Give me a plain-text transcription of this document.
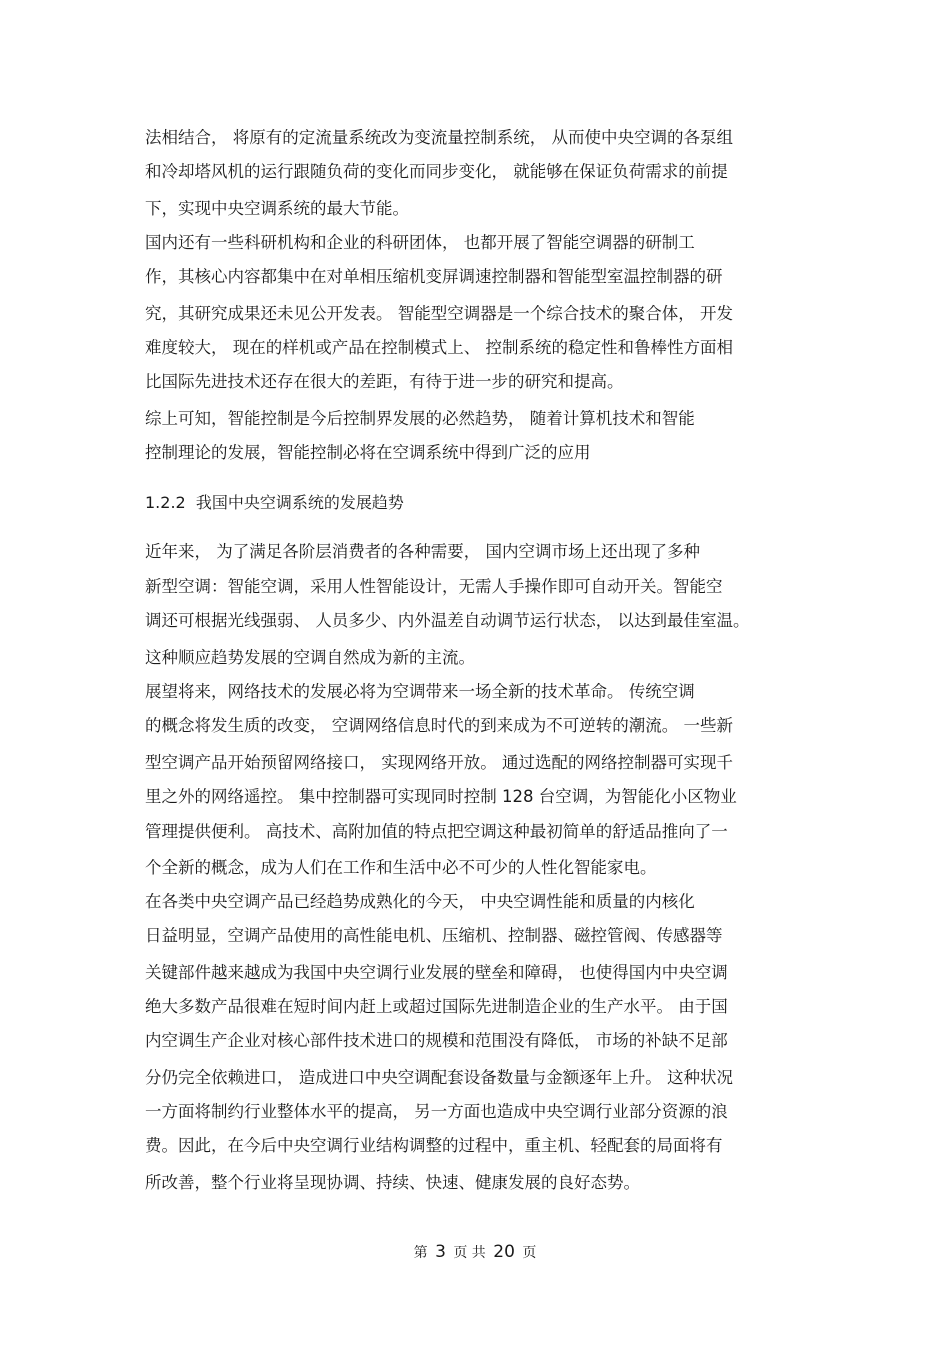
法相结合， 将原有的定流量系统改为变流量控制系统， 从而使中央空调的各泵组
和冷却塔风机的运行跟随负荷的变化而同步变化， 就能够在保证负荷需求的前提
下，实现中央空调系统的最大节能。
国内还有一些科研机构和企业的科研团体， 也都开展了智能空调器的研制工
作，其核心内容都集中在对单相压缩机变屏调速控制器和智能型室温控制器的研
究，其研究成果还未见公开发表。 智能型空调器是一个综合技术的聚合体， 开发
难度较大， 现在的样机或产品在控制模式上、 控制系统的稳定性和鲁棒性方面相
比国际先进技术还存在很大的差距，有待于进一步的研究和提高。
综上可知，智能控制是今后控制界发展的必然趋势， 随着计算机技术和智能
控制理论的发展，智能控制必将在空调系统中得到广泛的应用
1.2.2 我国中央空调系统的发展趋势
近年来， 为了满足各阶层消费者的各种需要， 国内空调市场上还出现了多种
新型空调：智能空调，采用人性智能设计，无需人手操作即可自动开关。智能空
调还可根据光线强弱、 人员多少、内外温差自动调节运行状态， 以达到最佳室温。
这种顺应趋势发展的空调自然成为新的主流。
展望将来，网络技术的发展必将为空调带来一场全新的技术革命。 传统空调
的概念将发生质的改变， 空调网络信息时代的到来成为不可逆转的潮流。 一些新
型空调产品开始预留网络接口， 实现网络开放。 通过选配的网络控制器可实现千
里之外的网络遥控。 集中控制器可实现同时控制 128 台空调，为智能化小区物业
管理提供便利。 高技术、高附加值的特点把空调这种最初简单的舒适品推向了一
个全新的概念，成为人们在工作和生活中必不可少的人性化智能家电。
在各类中央空调产品已经趋势成熟化的今天， 中央空调性能和质量的内核化
日益明显，空调产品使用的高性能电机、压缩机、控制器、磁控管阀、传感器等
关键部件越来越成为我国中央空调行业发展的壁垒和障碍， 也使得国内中央空调
绝大多数产品很难在短时间内赶上或超过国际先进制造企业的生产水平。 由于国
内空调生产企业对核心部件技术进口的规模和范围没有降低， 市场的补缺不足部
分仍完全依赖进口， 造成进口中央空调配套设备数量与金额逐年上升。 这种状况
一方面将制约行业整体水平的提高， 另一方面也造成中央空调行业部分资源的浪
费。因此，在今后中央空调行业结构调整的过程中，重主机、轻配套的局面将有
所改善，整个行业将呈现协调、持续、快速、健康发展的良好态势。
第 3 页 共 20 页
